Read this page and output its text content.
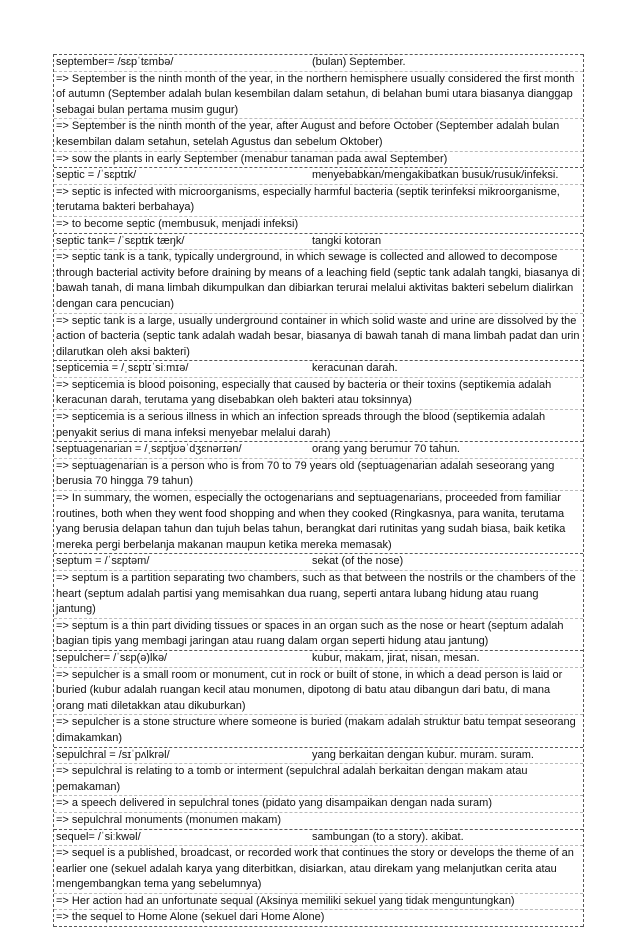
september= /sɛpˈtɛmbə/	(bulan) September.
=> September is the ninth month of the year, in the northern hemisphere usually considered the first month of autumn (September adalah bulan kesembilan dalam setahun, di belahan bumi utara biasanya dianggap sebagai bulan pertama musim gugur)
=> September is the ninth month of the year, after August and before October (September adalah bulan kesembilan dalam setahun, setelah Agustus dan sebelum Oktober)
=> sow the plants in early September (menabur tanaman pada awal September)
septic = /ˈsɛptɪk/	menyebabkan/mengakibatkan busuk/rusuk/infeksi.
=> septic is infected with microorganisms, especially harmful bacteria (septik terinfeksi mikroorganisme, terutama bakteri berbahaya)
=> to become septic (membusuk, menjadi infeksi)
septic tank= /ˈsɛptɪk tæŋk/	tangki kotoran
=> septic tank is a tank, typically underground, in which sewage is collected and allowed to decompose through bacterial activity before draining by means of a leaching field (septic tank adalah tangki, biasanya di bawah tanah, di mana limbah dikumpulkan dan dibiarkan terurai melalui aktivitas bakteri sebelum dialirkan dengan cara pencucian)
=> septic tank is a large, usually underground container in which solid waste and urine are dissolved by the action of bacteria (septic tank adalah wadah besar, biasanya di bawah tanah di mana limbah padat dan urin dilarutkan oleh aksi bakteri)
septicemia = /ˌsɛptɪˈsiːmɪə/	keracunan darah.
=> septicemia is blood poisoning, especially that caused by bacteria or their toxins (septikemia adalah keracunan darah, terutama yang disebabkan oleh bakteri atau toksinnya)
=> septicemia is a serious illness in which an infection spreads through the blood (septikemia adalah penyakit serius di mana infeksi menyebar melalui darah)
septuagenarian = /ˌsɛptjʊəˈdʒɛnərɪən/	orang yang berumur 70 tahun.
=> septuagenarian is a person who is from 70 to 79 years old (septuagenarian adalah seseorang yang berusia 70 hingga 79 tahun)
=> In summary, the women, especially the octogenarians and septuagenarians, proceeded from familiar routines, both when they went food shopping and when they cooked (Ringkasnya, para wanita, terutama yang berusia delapan tahun dan tujuh belas tahun, berangkat dari rutinitas yang sudah biasa, baik ketika mereka pergi berbelanja makanan maupun ketika mereka memasak)
septum = /ˈsɛptəm/	sekat (of the nose)
=> septum is a partition separating two chambers, such as that between the nostrils or the chambers of the heart (septum adalah partisi yang memisahkan dua ruang, seperti antara lubang hidung atau ruang jantung)
=> septum is a thin part dividing tissues or spaces in an organ such as the nose or heart (septum adalah bagian tipis yang membagi jaringan atau ruang dalam organ seperti hidung atau jantung)
sepulcher= /ˈsɛp(ə)lkə/	kubur, makam, jirat, nisan, mesan.
=> sepulcher is a small room or monument, cut in rock or built of stone, in which a dead person is laid or buried (kubur adalah ruangan kecil atau monumen, dipotong di batu atau dibangun dari batu, di mana orang mati diletakkan atau dikuburkan)
=> sepulcher is a stone structure where someone is buried (makam adalah struktur batu tempat seseorang dimakamkan)
sepulchral = /sɪˈpʌlkrəl/	yang berkaitan dengan kubur. muram. suram.
=> sepulchral is relating to a tomb or interment (sepulchral adalah berkaitan dengan makam atau pemakaman)
=> a speech delivered in sepulchral tones (pidato yang disampaikan dengan nada suram)
=> sepulchral monuments (monumen makam)
sequel= /ˈsiːkwəl/	sambungan (to a story). akibat.
=> sequel is a published, broadcast, or recorded work that continues the story or develops the theme of an earlier one (sekuel adalah karya yang diterbitkan, disiarkan, atau direkam yang melanjutkan cerita atau mengembangkan tema yang sebelumnya)
=> Her action had an unfortunate sequal (Aksinya memiliki sekuel yang tidak menguntungkan)
=> the sequel to Home Alone (sekuel dari Home Alone)
